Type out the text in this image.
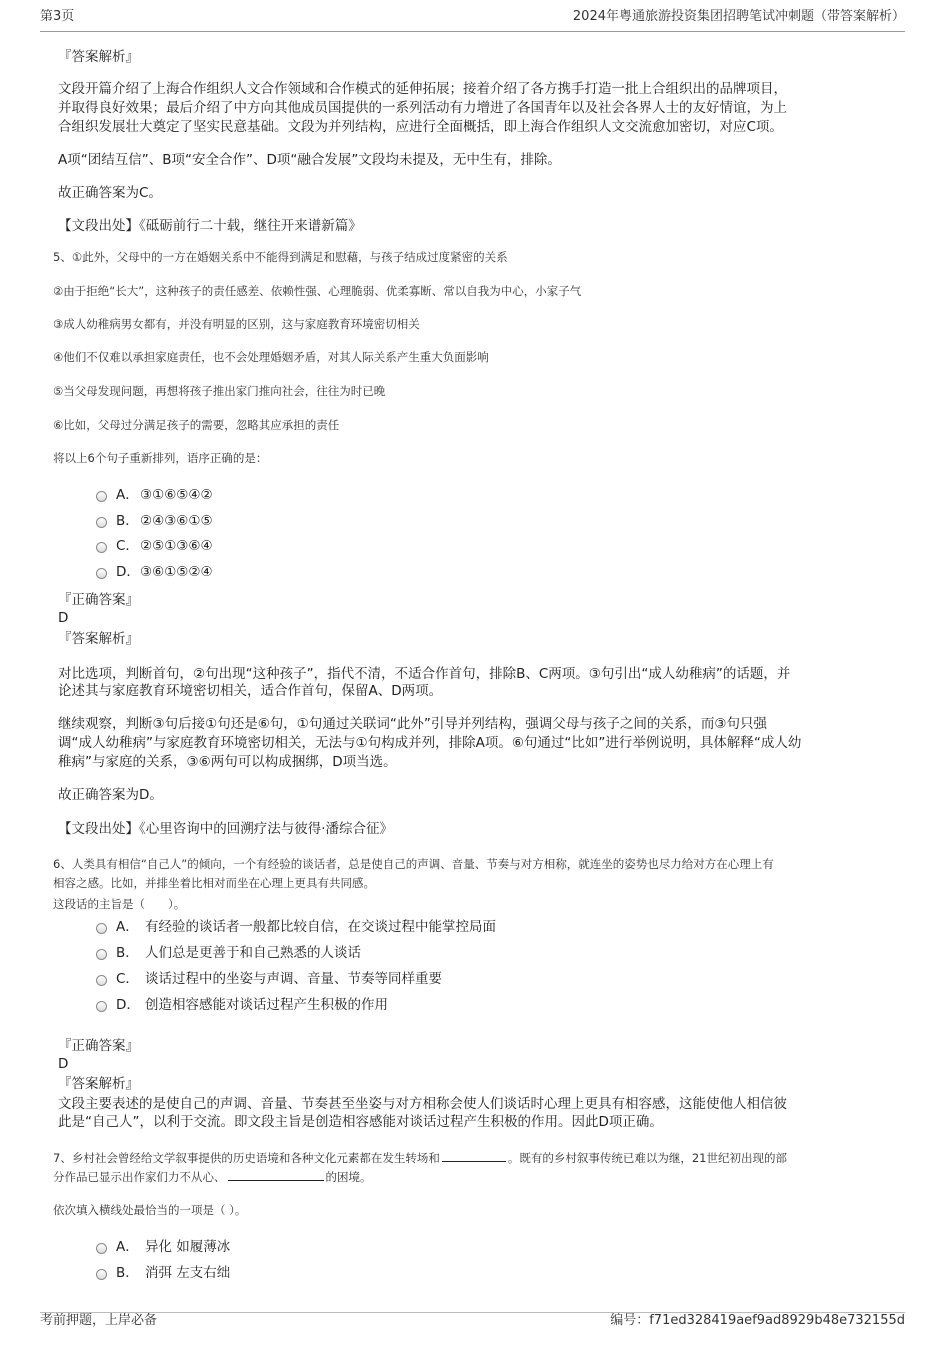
第3页	2024年粤通旅游投资集团招聘笔试冲刺题（带答案解析）
『答案解析』
文段开篇介绍了上海合作组织人文合作领域和合作模式的延伸拓展；接着介绍了各方携手打造一批上合组织出的品牌项目，
并取得良好效果；最后介绍了中方向其他成员国提供的一系列活动有力增进了各国青年以及社会各界人士的友好情谊，为上
合组织发展壮大奠定了坚实民意基础。文段为并列结构，应进行全面概括，即上海合作组织人文交流愈加密切，对应C项。
A项“团结互信”、B项“安全合作”、D项“融合发展”文段均未提及，无中生有，排除。
故正确答案为C。
【文段出处】《砥砺前行二十载，继往开来谱新篇》
5、①此外，父母中的一方在婚姻关系中不能得到满足和慰藉，与孩子结成过度紧密的关系
②由于拒绝“长大”，这种孩子的责任感差、依赖性强、心理脆弱、优柔寡断、常以自我为中心，小家子气
③成人幼稚病男女都有，并没有明显的区别，这与家庭教育环境密切相关
④他们不仅难以承担家庭责任，也不会处理婚姻矛盾，对其人际关系产生重大负面影响
⑤当父母发现问题，再想将孩子推出家门推向社会，往往为时已晚
⑥比如，父母过分满足孩子的需要，忽略其应承担的责任
将以上6个句子重新排列，语序正确的是：
A． ③①⑥⑤④②
B． ②④③⑥①⑤
C． ②⑤①③⑥④
D． ③⑥①⑤②④
『正确答案』
D
『答案解析』
对比选项，判断首句，②句出现“这种孩子”，指代不清，不适合作首句，排除B、C两项。③句引出“成人幼稚病”的话题，并
论述其与家庭教育环境密切相关，适合作首句，保留A、D两项。
继续观察，判断③句后接①句还是⑥句，①句通过关联词“此外”引导并列结构，强调父母与孩子之间的关系，而③句只强
调“成人幼稚病”与家庭教育环境密切相关，无法与①句构成并列，排除A项。⑥句通过“比如”进行举例说明，具体解释“成人幼
稚病”与家庭的关系，③⑥两句可以构成捆绑，D项当选。
故正确答案为D。
【文段出处】《心里咨询中的回溯疗法与彼得·潘综合征》
6、人类具有相信“自己人”的倾向，一个有经验的谈话者，总是使自己的声调、音量、节奏与对方相称，就连坐的姿势也尽力给对方在心理上有
相容之感。比如，并排坐着比相对而坐在心理上更具有共同感。
这段话的主旨是（　　）。
A． 有经验的谈话者一般都比较自信，在交谈过程中能掌控局面
B． 人们总是更善于和自己熟悉的人谈话
C． 谈话过程中的坐姿与声调、音量、节奏等同样重要
D． 创造相容感能对谈话过程产生积极的作用
『正确答案』
D
『答案解析』
文段主要表述的是使自己的声调、音量、节奏甚至坐姿与对方相称会使人们谈话时心理上更具有相容感，这能使他人相信彼
此是“自己人”，以利于交流。即文段主旨是创造相容感能对谈话过程产生积极的作用。因此D项正确。
7、乡村社会曾经给文学叙事提供的历史语境和各种文化元素都在发生转场和	。既有的乡村叙事传统已难以为继，21世纪初出现的部
分作品已显示出作家们力不从心、	的困境。
依次填入横线处最恰当的一项是（ ）。
A． 异化 如履薄冰
B． 消弭 左支右绌
考前押题，上岸必备	编号：f71ed328419aef9ad8929b48e732155d
